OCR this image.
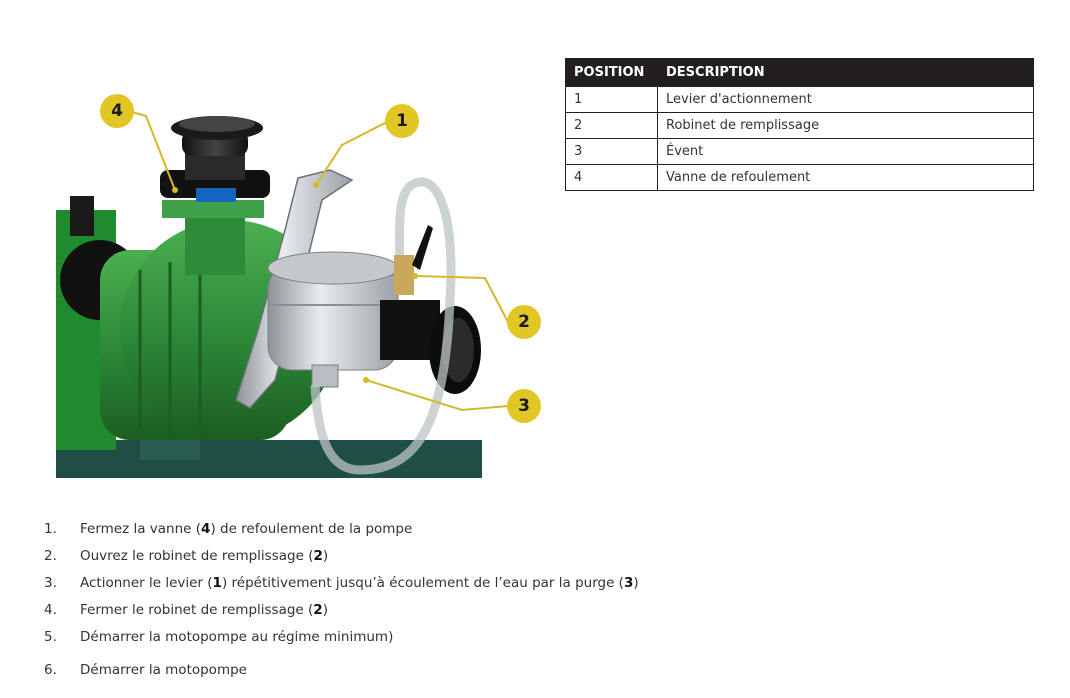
4	1
2
3
POSITION	DESCRIPTION
1	Levier d'actionnement
2	Robinet de remplissage
3	Évent
4	Vanne de refoulement
1. Fermez la vanne (4) de refoulement de la pompe
2. Ouvrez le robinet de remplissage (2)
3. Actionner le levier (1) répétitivement jusqu’à écoulement de l’eau par la purge (3)
4. Fermer le robinet de remplissage (2)
5. Démarrer la motopompe au régime minimum)
6. Démarrer la motopompe
